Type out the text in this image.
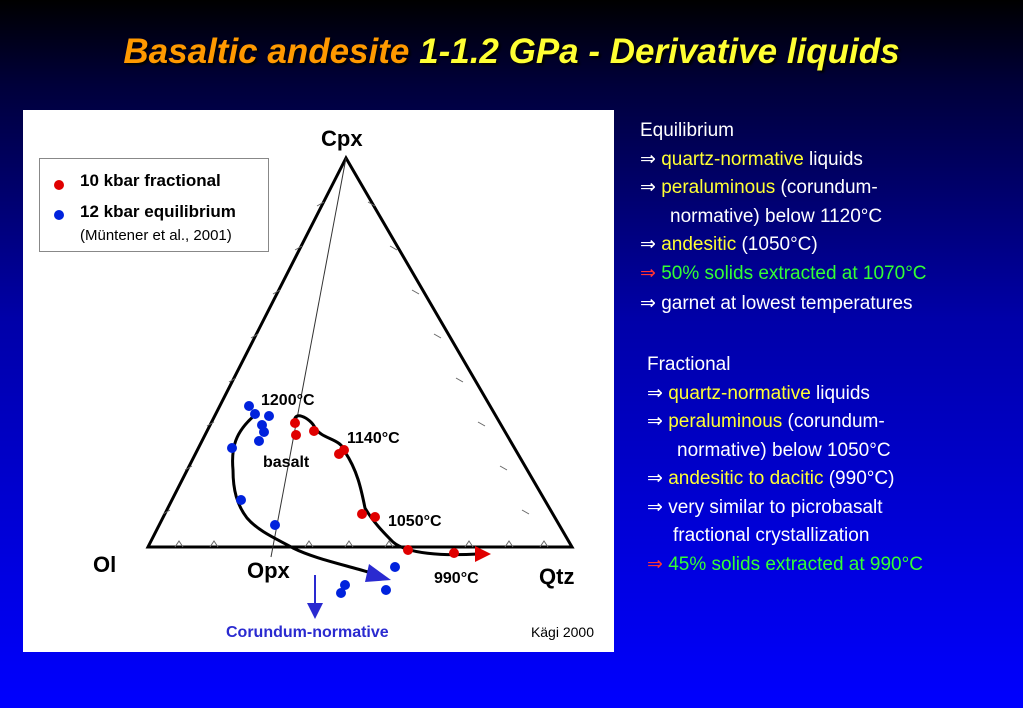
Basaltic andesite 1-1.2 GPa - Derivative liquids
Cpx
Ol	Qtz
Opx
1200°C
1140°C
basalt
1050°C
990°C
Corundum-normative
10 kbar fractional
12 kbar equilibrium
(Müntener et al., 2001)
Kägi 2000
Equilibrium
⇒ quartz-normative liquids
⇒ peraluminous (corundum-
normative) below 1120°C
⇒ andesitic (1050°C)
⇒ 50% solids extracted at 1070°C
⇒ garnet at lowest temperatures
Fractional
⇒ quartz-normative liquids
⇒ peraluminous (corundum-
normative) below 1050°C
⇒ andesitic to dacitic (990°C)
⇒ very similar to picrobasalt
fractional crystallization
⇒ 45% solids extracted at 990°C
